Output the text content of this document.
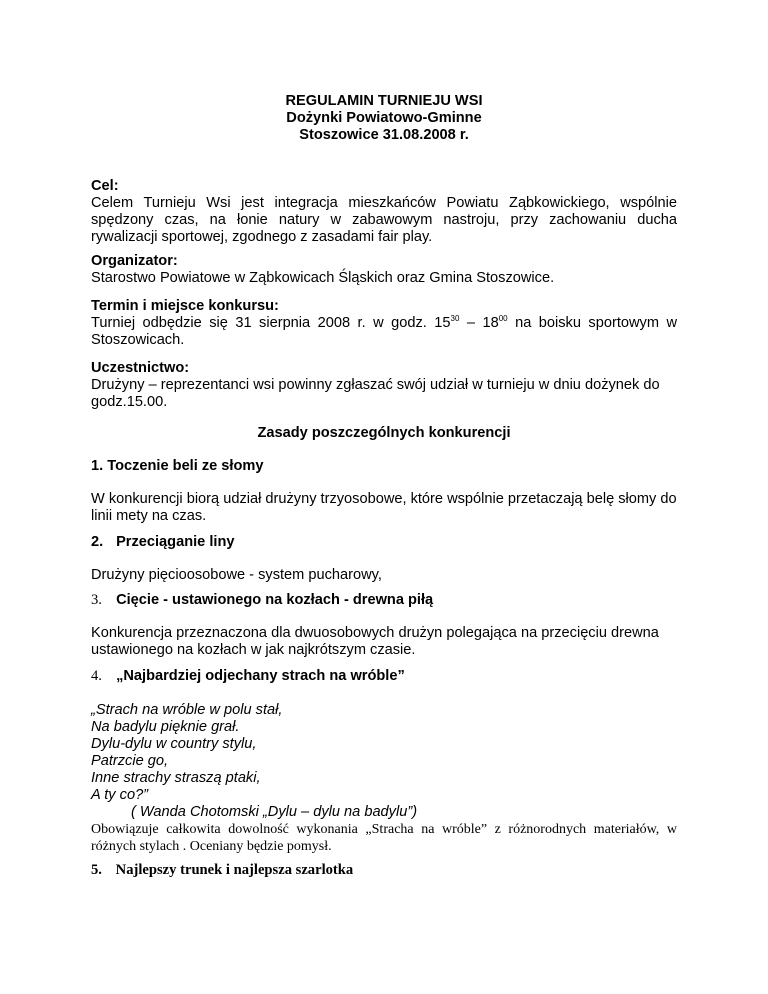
REGULAMIN TURNIEJU WSI
Dożynki Powiatowo-Gminne
Stoszowice 31.08.2008 r.
Cel:
Celem Turnieju Wsi jest integracja mieszkańców Powiatu Ząbkowickiego, wspólnie spędzony czas, na łonie natury w zabawowym nastroju, przy zachowaniu ducha rywalizacji sportowej, zgodnego z zasadami fair play.
Organizator:
Starostwo Powiatowe w Ząbkowicach Śląskich oraz Gmina Stoszowice.
Termin i miejsce konkursu:
Turniej odbędzie się 31 sierpnia 2008 r. w godz. $15^{30} - 18^{00}$ na boisku sportowym w Stoszowicach.
Uczestnictwo:
Drużyny – reprezentanci wsi powinny zgłaszać swój udział w turnieju w dniu dożynek do godz.15.00.
Zasady poszczególnych konkurencji
1. Toczenie beli ze słomy
W konkurencji biorą udział drużyny trzyosobowe, które wspólnie przetaczają belę słomy do linii mety na czas.
2. Przeciąganie liny
Drużyny pięcioosobowe - system pucharowy,
3. Cięcie - ustawionego na kozłach - drewna piłą
Konkurencja przeznaczona dla dwuosobowych drużyn polegająca na przecięciu drewna ustawionego na kozłach w jak najkrótszym czasie.
4. „Najbardziej odjechany strach na wróble”
„Strach na wróble w polu stał,
Na badylu pięknie grał.
Dylu-dylu w country stylu,
Patrzcie go,
Inne strachy straszą ptaki,
A ty co?”
( Wanda Chotomski „Dylu – dylu na badylu”)
Obowiązuje całkowita dowolność wykonania „Stracha na wróble” z różnorodnych materiałów, w różnych stylach . Oceniany będzie pomysł.
5. Najlepszy trunek i najlepsza szarlotka
